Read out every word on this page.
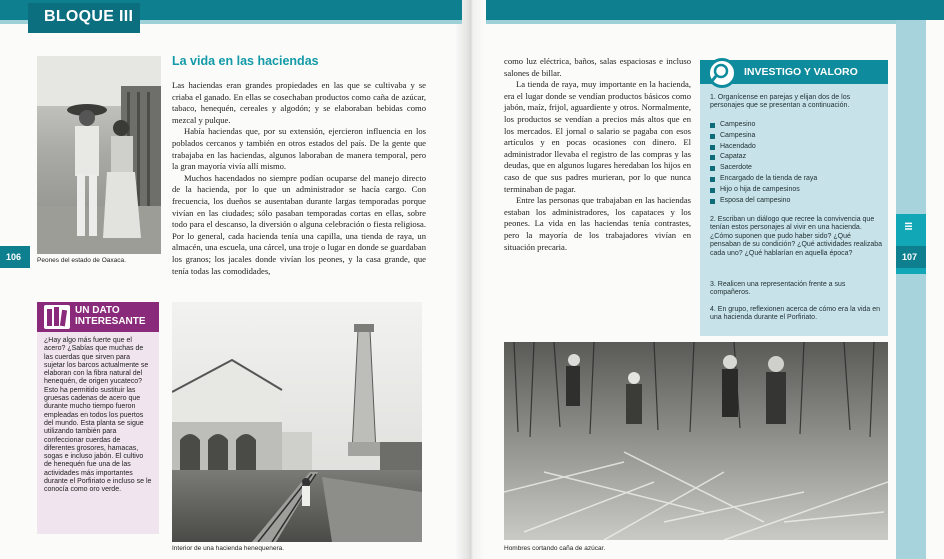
BLOQUE III
III
107
106 Peones del estado de Oaxaca.
La vida en las haciendas

Las haciendas eran grandes propiedades en las que se cultivaba y se criaba el ganado. En ellas se cosechaban productos como caña de azúcar, tabaco, henequén, cereales y algodón; y se elaboraban bebidas como mezcal y pulque.

Había haciendas que, por su extensión, ejercieron influencia en los poblados cercanos y también en otros estados del país. De la gente que trabajaba en las haciendas, algunos laboraban de manera temporal, pero la gran mayoría vivía allí mismo.

Muchos hacendados no siempre podían ocuparse del manejo directo de la hacienda, por lo que un administrador se hacía cargo. Con frecuencia, los dueños se ausentaban durante largas temporadas porque vivían en las ciudades; sólo pasaban temporadas cortas en ellas, sobre todo para el descanso, la diversión o alguna celebración o fiesta religiosa. Por lo general, cada hacienda tenía una capilla, una tienda de raya, un almacén, una escuela, una cárcel, una troje o lugar en donde se guardaban los granos; los jacales donde vivían los peones, y la casa grande, que tenía todas las comodidades,

como luz eléctrica, baños, salas espaciosas e incluso salones de billar.

La tienda de raya, muy importante en la hacienda, era el lugar donde se vendían productos básicos como jabón, maíz, frijol, aguardiente y otros. Normalmente, los productos se vendían a precios más altos que en los mercados. El jornal o salario se pagaba con esos artículos y en pocas ocasiones con dinero. El administrador llevaba el registro de las compras y las deudas, que en algunos lugares heredaban los hijos en caso de que sus padres murieran, por lo que nunca terminaban de pagar.

Entre las personas que trabajaban en las haciendas estaban los administradores, los capataces y los peones. La vida en las haciendas tenía contrastes, pero la mayoría de los trabajadores vivían en situación precaria.

UN DATO
INTERESANTE
¿Hay algo más fuerte que el acero? ¿Sabías que muchas de las cuerdas que sirven para sujetar los barcos actualmente se elaboran con la fibra natural del henequén, de origen yucateco? Esto ha permitido sustituir las gruesas cadenas de acero que durante mucho tiempo fueron empleadas en todos los puertos del mundo. Esta planta se sigue utilizando también para confeccionar cuerdas de diferentes grosores, hamacas, sogas e incluso jabón. El cultivo de henequén fue una de las actividades más importantes durante el Porfiriato e incluso se le conocía como oro verde.
Interior de una hacienda henequenera.
INVESTIGO Y VALORO
1. Organícense en parejas y elijan dos de los personajes que se presentan a continuación.
Campesino
Campesina
Hacendado
Capataz
Sacerdote
Encargado de la tienda de raya
Hijo o hija de campesinos
Esposa del campesino
2. Escriban un diálogo que recree la convivencia que tenían estos personajes al vivir en una hacienda. ¿Cómo suponen que pudo haber sido? ¿Qué pensaban de su condición? ¿Qué actividades realizaba cada uno? ¿Qué hablarían en aquella época?
3. Realicen una representación frente a sus compañeros.
4. En grupo, reflexionen acerca de cómo era la vida en una hacienda durante el Porfiriato.
Hombres cortando caña de azúcar.
